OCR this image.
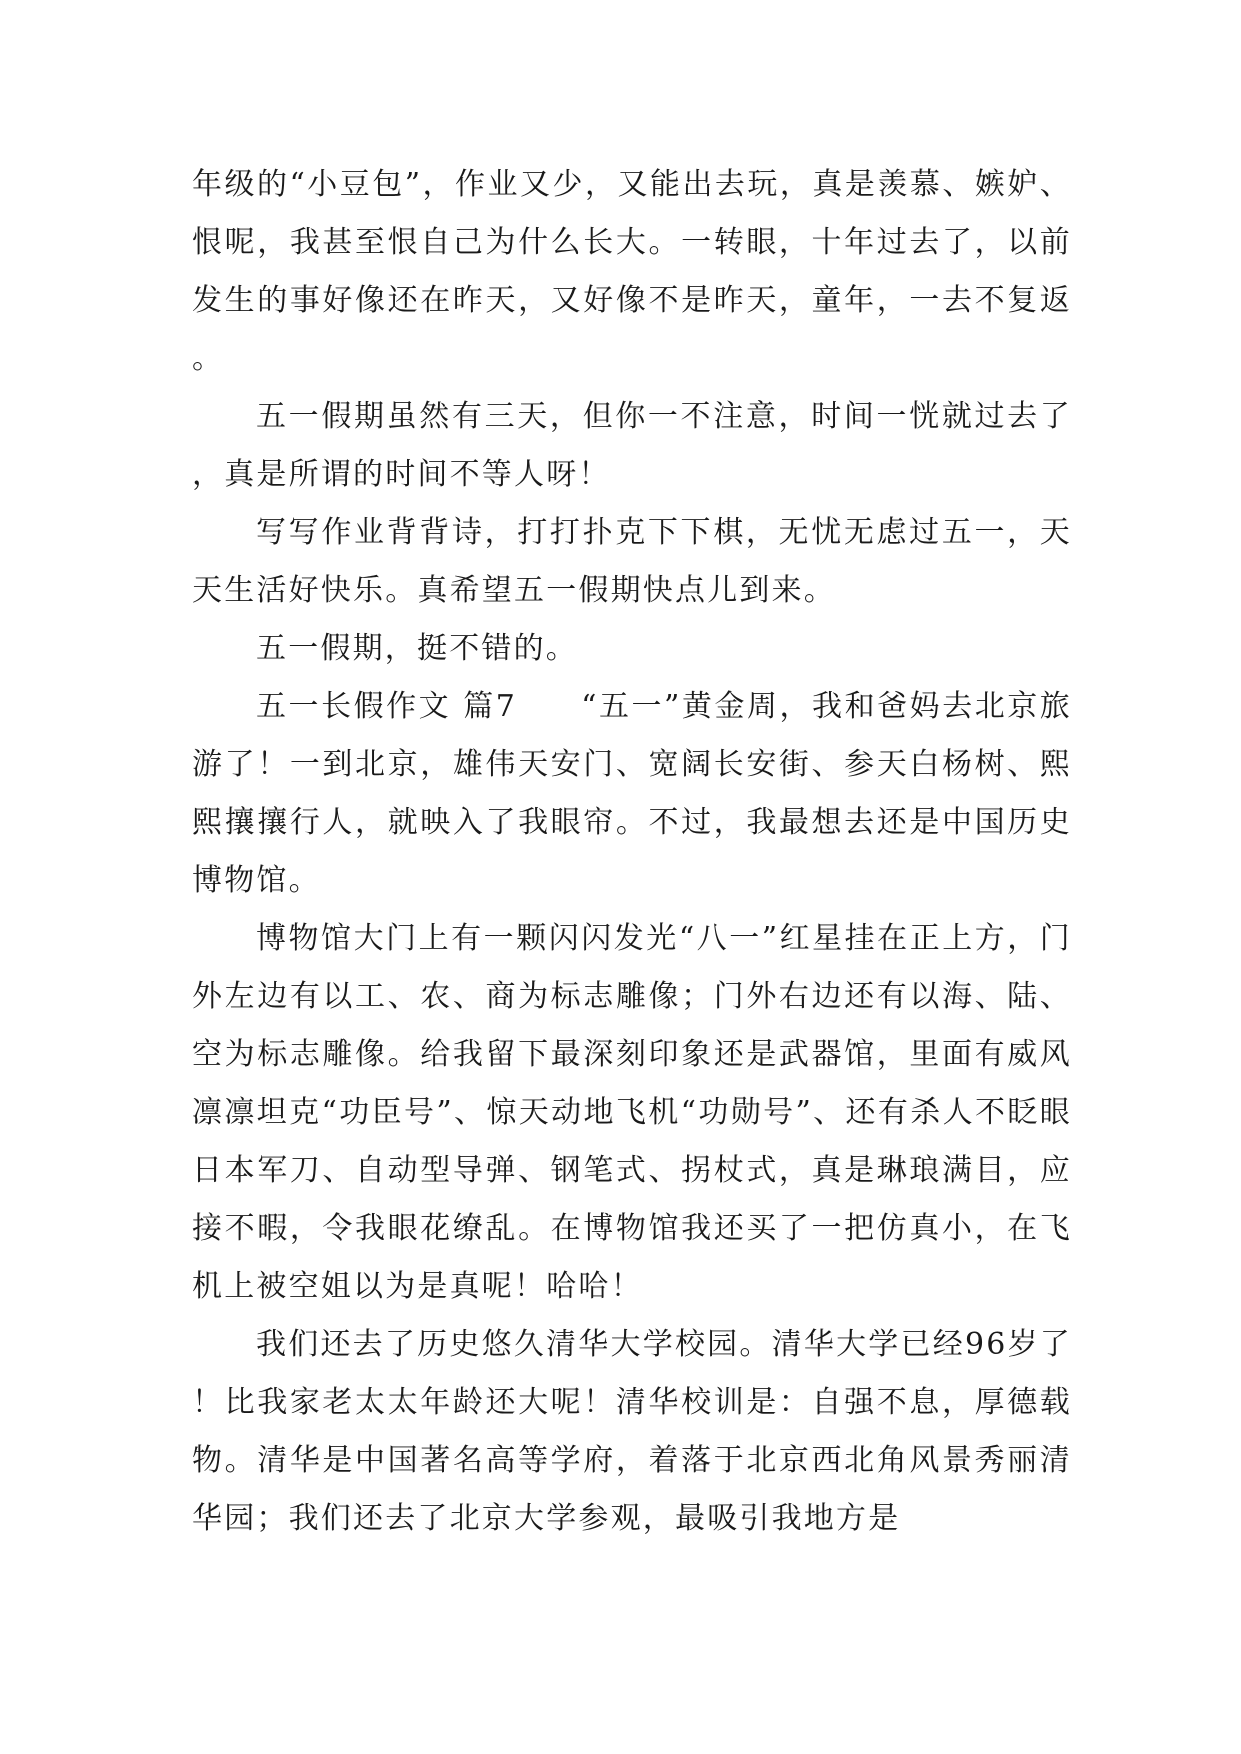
年级的“小豆包”，作业又少，又能出去玩，真是羡慕、嫉妒、恨呢，我甚至恨自己为什么长大。一转眼，十年过去了，以前发生的事好像还在昨天，又好像不是昨天，童年，一去不复返。

五一假期虽然有三天，但你一不注意，时间一恍就过去了，真是所谓的时间不等人呀！

写写作业背背诗，打打扑克下下棋，无忧无虑过五一，天天生活好快乐。真希望五一假期快点儿到来。

五一假期，挺不错的。

五一长假作文 篇7 “五一”黄金周，我和爸妈去北京旅游了！一到北京，雄伟天安门、宽阔长安街、参天白杨树、熙熙攘攘行人，就映入了我眼帘。不过，我最想去还是中国历史博物馆。

博物馆大门上有一颗闪闪发光“八一”红星挂在正上方，门外左边有以工、农、商为标志雕像；门外右边还有以海、陆、空为标志雕像。给我留下最深刻印象还是武器馆，里面有威风凛凛坦克“功臣号”、惊天动地飞机“功勋号”、还有杀人不眨眼日本军刀、自动型导弹、钢笔式、拐杖式，真是琳琅满目，应接不暇，令我眼花缭乱。在博物馆我还买了一把仿真小，在飞机上被空姐以为是真呢！哈哈！

我们还去了历史悠久清华大学校园。清华大学已经96岁了！比我家老太太年龄还大呢！清华校训是：自强不息，厚德载物。清华是中国著名高等学府，着落于北京西北角风景秀丽清华园；我们还去了北京大学参观，最吸引我地方是
